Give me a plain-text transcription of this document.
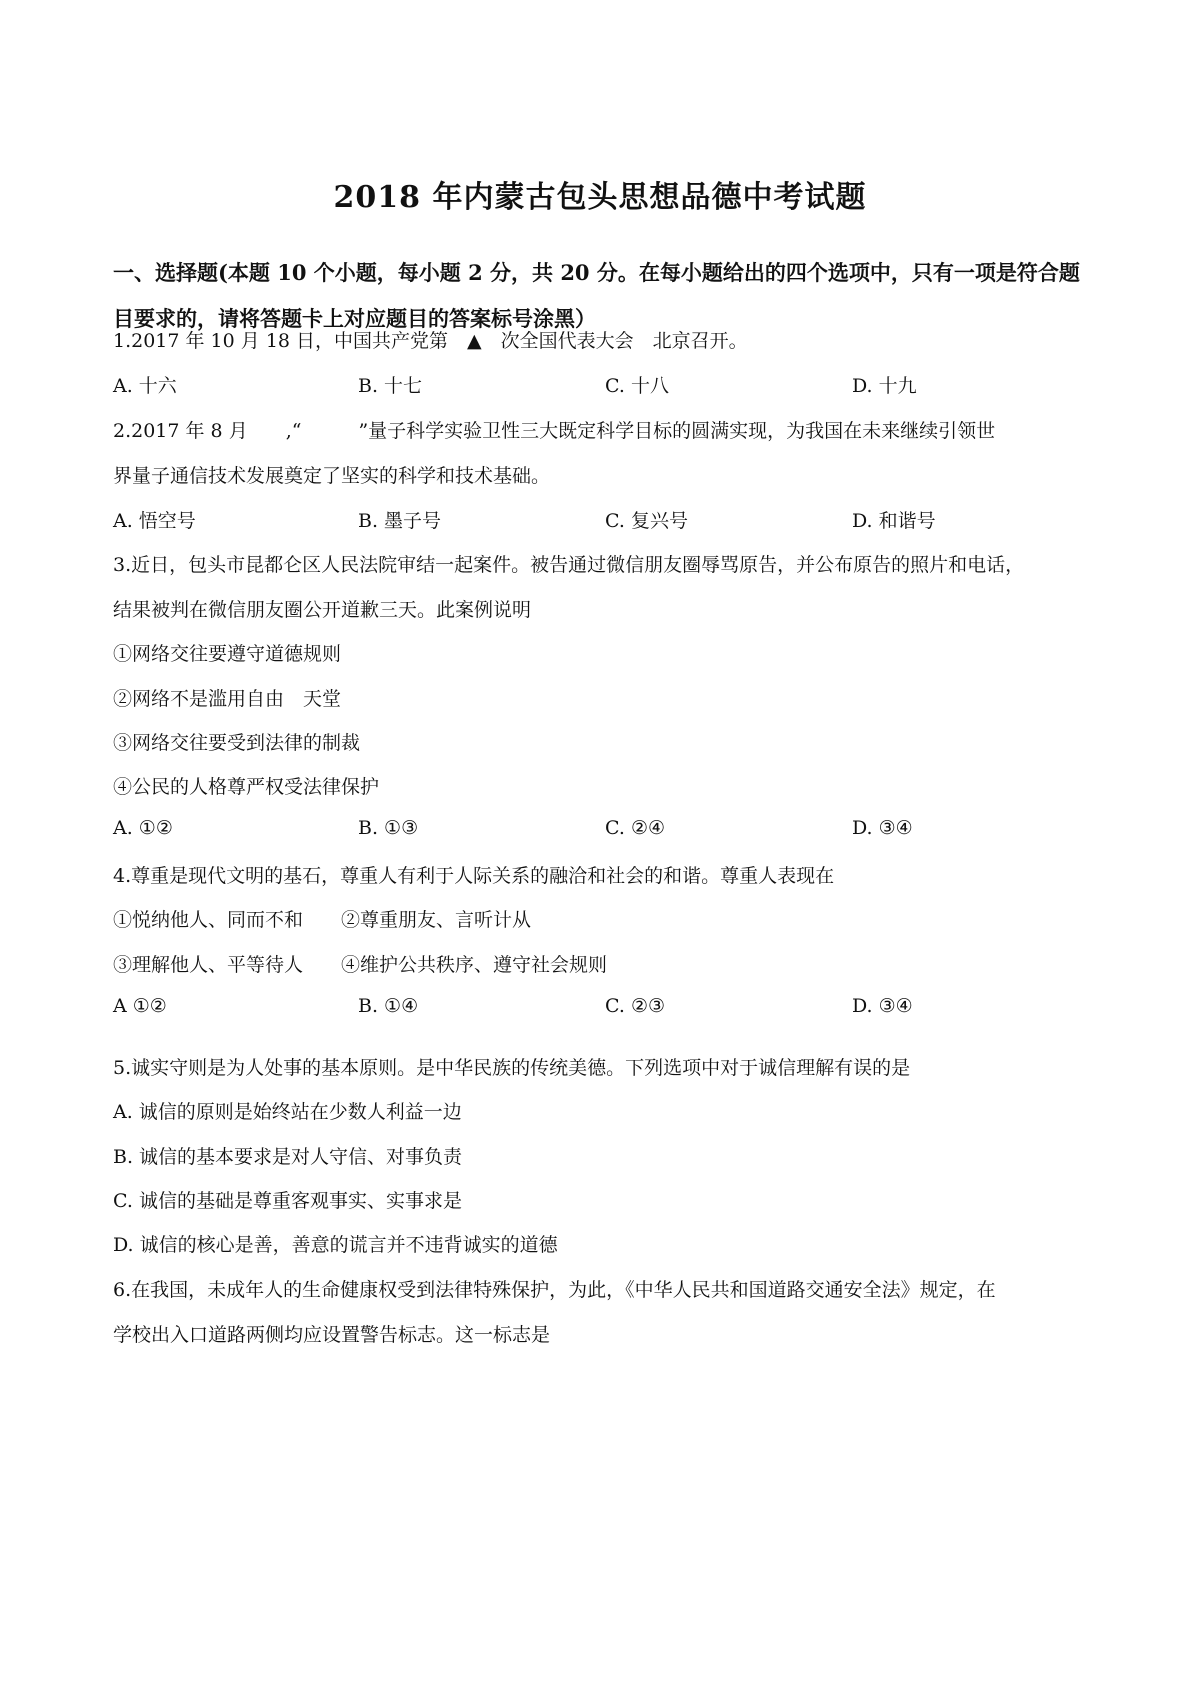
2018 年内蒙古包头思想品德中考试题
一、选择题(本题 10 个小题，每小题 2 分，共 20 分。在每小题给出的四个选项中，只有一项是符合题目要求的，请将答题卡上对应题目的答案标号涂黑）
1.2017 年 10 月 18 日，中国共产党第　▲　次全国代表大会　北京召开。
A. 十六	B. 十七	C. 十八	D. 十九
2.2017 年 8 月　　,“　　　”量子科学实验卫性三大既定科学目标的圆满实现，为我国在未来继续引领世
界量子通信技术发展奠定了坚实的科学和技术基础。
A. 悟空号	B. 墨子号	C. 复兴号	D. 和谐号
3.近日，包头市昆都仑区人民法院审结一起案件。被告通过微信朋友圈辱骂原告，并公布原告的照片和电话，
结果被判在微信朋友圈公开道歉三天。此案例说明
①网络交往要遵守道德规则
②网络不是滥用自由　天堂
③网络交往要受到法律的制裁
④公民的人格尊严权受法律保护
A. ①②	B. ①③	C. ②④	D. ③④
4.尊重是现代文明的基石，尊重人有利于人际关系的融洽和社会的和谐。尊重人表现在
①悦纳他人、同而不和　　②尊重朋友、言听计从
③理解他人、平等待人　　④维护公共秩序、遵守社会规则
A ①②	B. ①④	C. ②③	D. ③④
5.诚实守则是为人处事的基本原则。是中华民族的传统美德。下列选项中对于诚信理解有误的是
A. 诚信的原则是始终站在少数人利益一边
B. 诚信的基本要求是对人守信、对事负责
C. 诚信的基础是尊重客观事实、实事求是
D. 诚信的核心是善，善意的谎言并不违背诚实的道德
6.在我国，未成年人的生命健康权受到法律特殊保护，为此，《中华人民共和国道路交通安全法》规定，在
学校出入口道路两侧均应设置警告标志。这一标志是
